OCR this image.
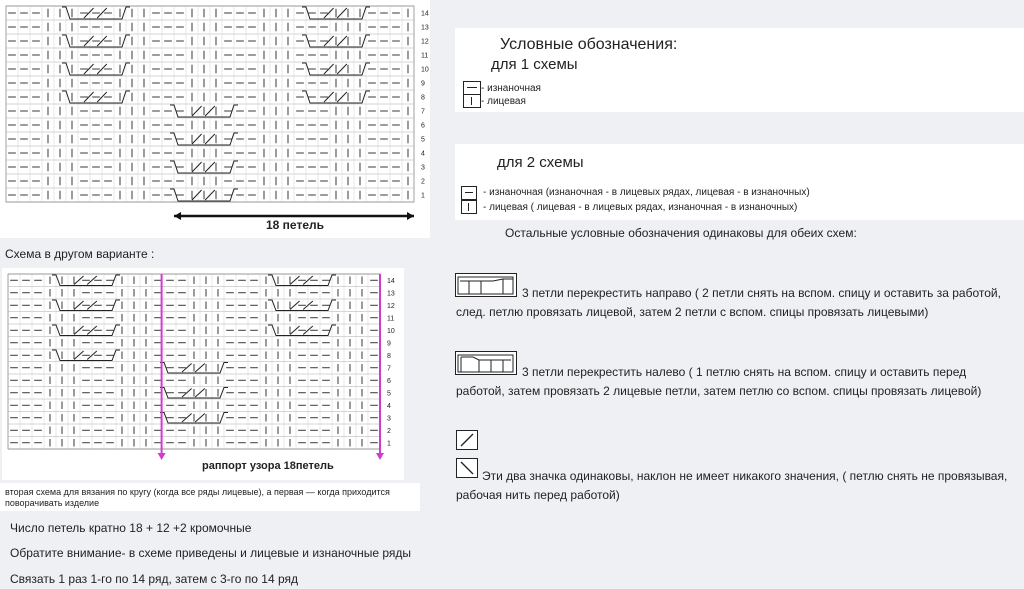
1
2
3
4
5
6
7
8
9
10
11
12
13
14
18 петель
Схема в другом варианте :
1
2
3
4
5
6
7
8
9
10
11
12
13
14
раппорт узора 18петель
вторая схема для вязания по кругу (когда все ряды лицевые), а первая — когда приходится поворачивать изделие
Число петель кратно 18 + 12 +2 кромочные
Обратите внимание- в схеме приведены и лицевые и изнаночные ряды
Связать 1 раз 1-го по 14 ряд, затем с 3-го по 14 ряд
Условные обозначения:
для 1 схемы
- изнаночная
- лицевая
для 2 схемы
- изнаночная (изнаночная - в лицевых рядах, лицевая - в изнаночных)
- лицевая ( лицевая - в лицевых рядах, изнаночная - в изнаночных)
Остальные условные обозначения одинаковы для обеих схем:
3 петли перекрестить направо ( 2 петли снять на вспом. спицу и оставить за работой,
след. петлю провязать лицевой, затем 2 петли с вспом. спицы провязать лицевыми)
3 петли перекрестить налево ( 1 петлю снять на вспом. спицу и оставить перед
работой, затем провязать 2 лицевые петли, затем петлю со вспом. спицы провязать лицевой)
Эти два значка одинаковы, наклон не имеет никакого значения, ( петлю снять не провязывая,
рабочая нить перед работой)
